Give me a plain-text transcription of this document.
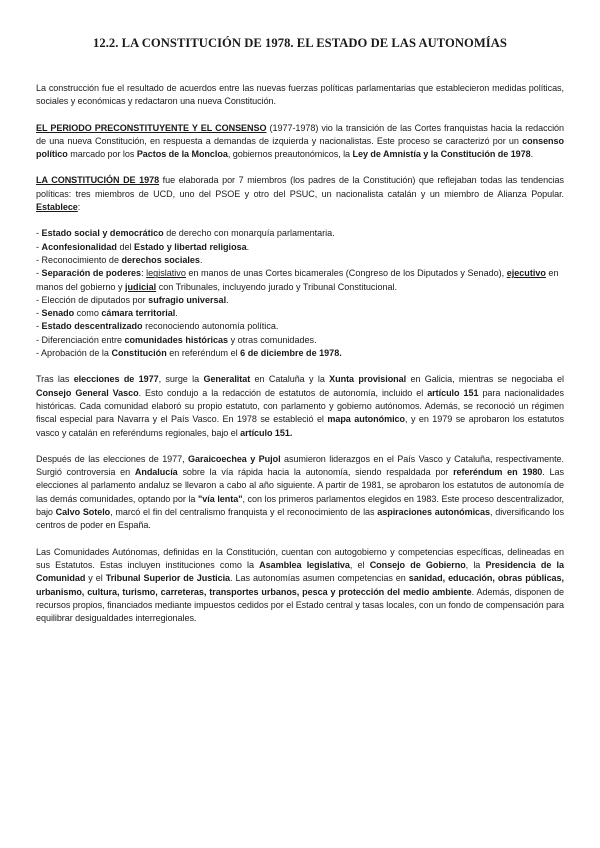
12.2. LA CONSTITUCIÓN DE 1978. EL ESTADO DE LAS AUTONOMÍAS

La construcción fue el resultado de acuerdos entre las nuevas fuerzas políticas parlamentarias que establecieron medidas políticas, sociales y económicas y redactaron una nueva Constitución.

EL PERIODO PRECONSTITUYENTE Y EL CONSENSO (1977-1978) vio la transición de las Cortes franquistas hacia la redacción de una nueva Constitución, en respuesta a demandas de izquierda y nacionalistas. Este proceso se caracterizó por un consenso político marcado por los Pactos de la Moncloa, gobiernos preautonómicos, la Ley de Amnistía y la Constitución de 1978.

LA CONSTITUCIÓN DE 1978 fue elaborada por 7 miembros (los padres de la Constitución) que reflejaban todas las tendencias políticas: tres miembros de UCD, uno del PSOE y otro del PSUC, un nacionalista catalán y un miembro de Alianza Popular. Establece:

- Estado social y democrático de derecho con monarquía parlamentaria.
- Aconfesionalidad del Estado y libertad religiosa.
- Reconocimiento de derechos sociales.
- Separación de poderes: legislativo en manos de unas Cortes bicamerales (Congreso de los Diputados y Senado), ejecutivo en manos del gobierno y judicial con Tribunales, incluyendo jurado y Tribunal Constitucional.
- Elección de diputados por sufragio universal.
- Senado como cámara territorial.
- Estado descentralizado reconociendo autonomía política.
- Diferenciación entre comunidades históricas y otras comunidades.
- Aprobación de la Constitución en referéndum el 6 de diciembre de 1978.

Tras las elecciones de 1977, surge la Generalitat en Cataluña y la Xunta provisional en Galicia, mientras se negociaba el Consejo General Vasco. Esto condujo a la redacción de estatutos de autonomía, incluido el artículo 151 para nacionalidades históricas. Cada comunidad elaboró su propio estatuto, con parlamento y gobierno autónomos. Además, se reconoció un régimen fiscal especial para Navarra y el País Vasco. En 1978 se estableció el mapa autonómico, y en 1979 se aprobaron los estatutos vasco y catalán en referéndums regionales, bajo el artículo 151.

Después de las elecciones de 1977, Garaicoechea y Pujol asumieron liderazgos en el País Vasco y Cataluña, respectivamente. Surgió controversia en Andalucía sobre la vía rápida hacia la autonomía, siendo respaldada por referéndum en 1980. Las elecciones al parlamento andaluz se llevaron a cabo al año siguiente. A partir de 1981, se aprobaron los estatutos de autonomía de las demás comunidades, optando por la "vía lenta", con los primeros parlamentos elegidos en 1983. Este proceso descentralizador, bajo Calvo Sotelo, marcó el fin del centralismo franquista y el reconocimiento de las aspiraciones autonómicas, diversificando los centros de poder en España.

Las Comunidades Autónomas, definidas en la Constitución, cuentan con autogobierno y competencias específicas, delineadas en sus Estatutos. Estas incluyen instituciones como la Asamblea legislativa, el Consejo de Gobierno, la Presidencia de la Comunidad y el Tribunal Superior de Justicia. Las autonomías asumen competencias en sanidad, educación, obras públicas, urbanismo, cultura, turismo, carreteras, transportes urbanos, pesca y protección del medio ambiente. Además, disponen de recursos propios, financiados mediante impuestos cedidos por el Estado central y tasas locales, con un fondo de compensación para equilibrar desigualdades interregionales.
